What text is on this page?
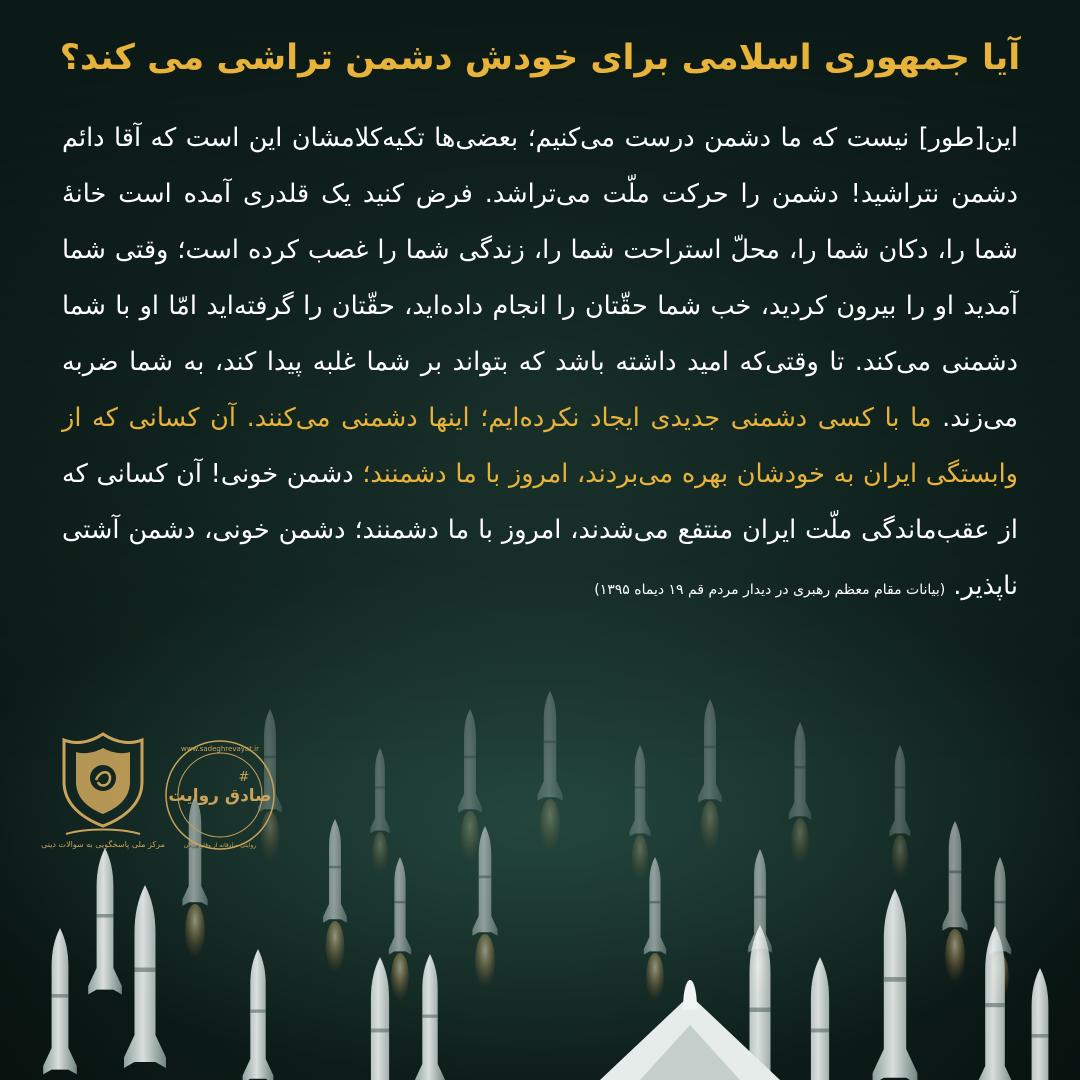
آیا جمهوری اسلامی برای خودش دشمن تراشی می کند؟

این[طور] نیست که ما دشمن درست می‌کنیم؛ بعضی‌ها تکیه‌کلامشان این است که آقا دائم دشمن نتراشید! دشمن را حرکت ملّت می‌تراشد. فرض کنید یک قلدری آمده است خانهٔ شما را، دکان شما را، محلّ استراحت شما را، زندگی شما را غصب کرده است؛ وقتی شما آمدید او را بیرون کردید، خب شما حقّتان را انجام داده‌اید، حقّتان را گرفته‌اید امّا او با شما دشمنی می‌کند. تا وقتی‌که امید داشته باشد که بتواند بر شما غلبه پیدا کند، به شما ضربه می‌زند. ما با کسی دشمنی جدیدی ایجاد نکرده‌ایم؛ اینها دشمنی می‌کنند. آن کسانی که از وابستگی ایران به خودشان بهره می‌بردند، امروز با ما دشمنند؛ دشمن خونی! آن کسانی که از عقب‌ماندگی ملّت ایران منتفع می‌شدند، امروز با ما دشمنند؛ دشمن خونی، دشمن آشتی ناپذیر. (بیانات مقام معظم رهبری در دیدار مردم قم ۱۹ دیماه ۱۳۹۵)

مرکز ملی پاسخگویی به سوالات دینی
www.sadeghrevayat.ir
#
صادق روایت
روایتی صادقانه از وقایع ایران
